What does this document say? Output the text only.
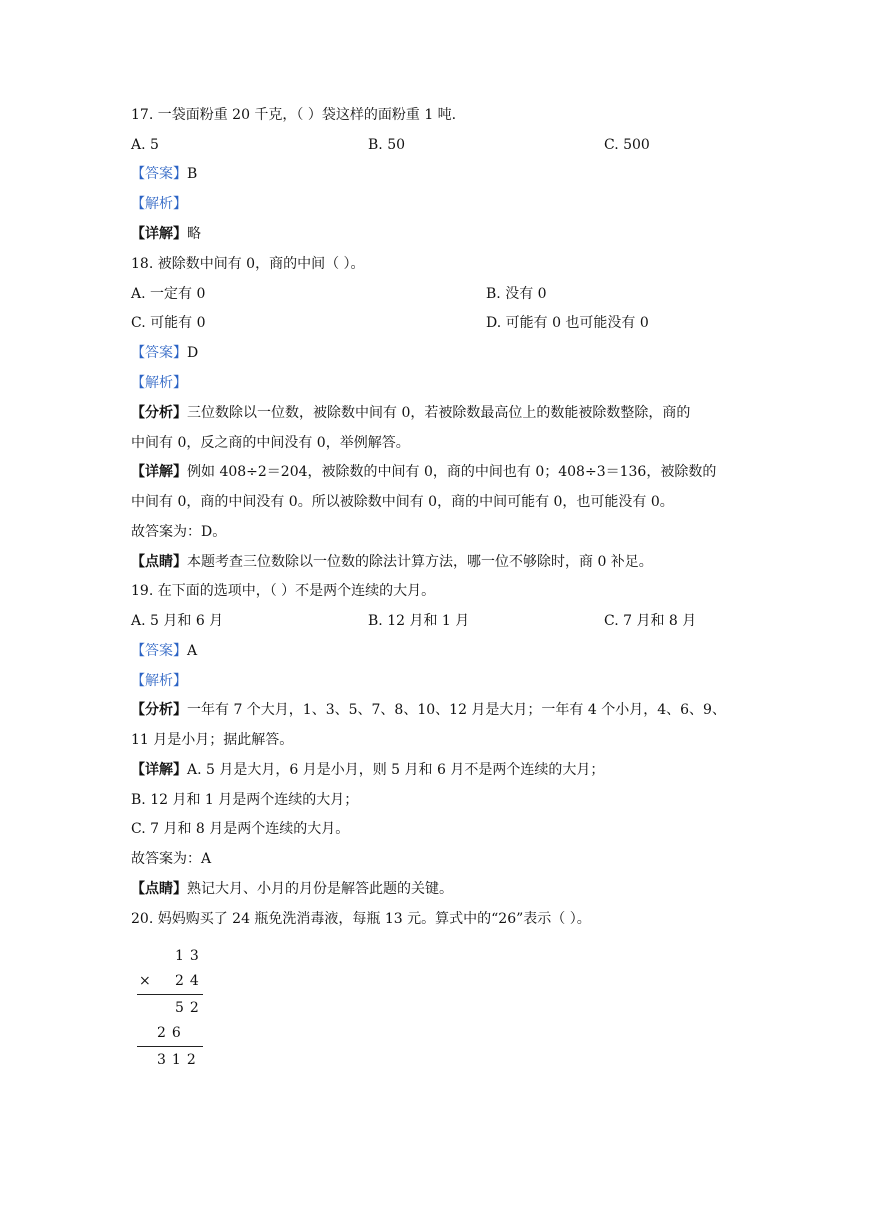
17. 一袋面粉重 20 千克，（ ）袋这样的面粉重 1 吨.
A. 5	B. 50	C. 500
【答案】B
【解析】
【详解】略
18. 被除数中间有 0，商的中间（ ）。
A. 一定有 0	B. 没有 0
C. 可能有 0	D. 可能有 0 也可能没有 0
【答案】D
【解析】
【分析】三位数除以一位数，被除数中间有 0，若被除数最高位上的数能被除数整除，商的
中间有 0，反之商的中间没有 0，举例解答。
【详解】例如 408÷2＝204，被除数的中间有 0，商的中间也有 0；408÷3＝136，被除数的
中间有 0，商的中间没有 0。所以被除数中间有 0，商的中间可能有 0，也可能没有 0。
故答案为：D。
【点睛】本题考查三位数除以一位数的除法计算方法，哪一位不够除时，商 0 补足。
19. 在下面的选项中，（ ）不是两个连续的大月。
A. 5 月和 6 月	B. 12 月和 1 月	C. 7 月和 8 月
【答案】A
【解析】
【分析】一年有 7 个大月，1、3、5、7、8、10、12 月是大月；一年有 4 个小月，4、6、9、
11 月是小月；据此解答。
【详解】A. 5 月是大月，6 月是小月，则 5 月和 6 月不是两个连续的大月；
B. 12 月和 1 月是两个连续的大月；
C. 7 月和 8 月是两个连续的大月。
故答案为：A
【点睛】熟记大月、小月的月份是解答此题的关键。
20. 妈妈购买了 24 瓶免洗消毒液，每瓶 13 元。算式中的“26”表示（ ）。
13
× 24
52
26
312
